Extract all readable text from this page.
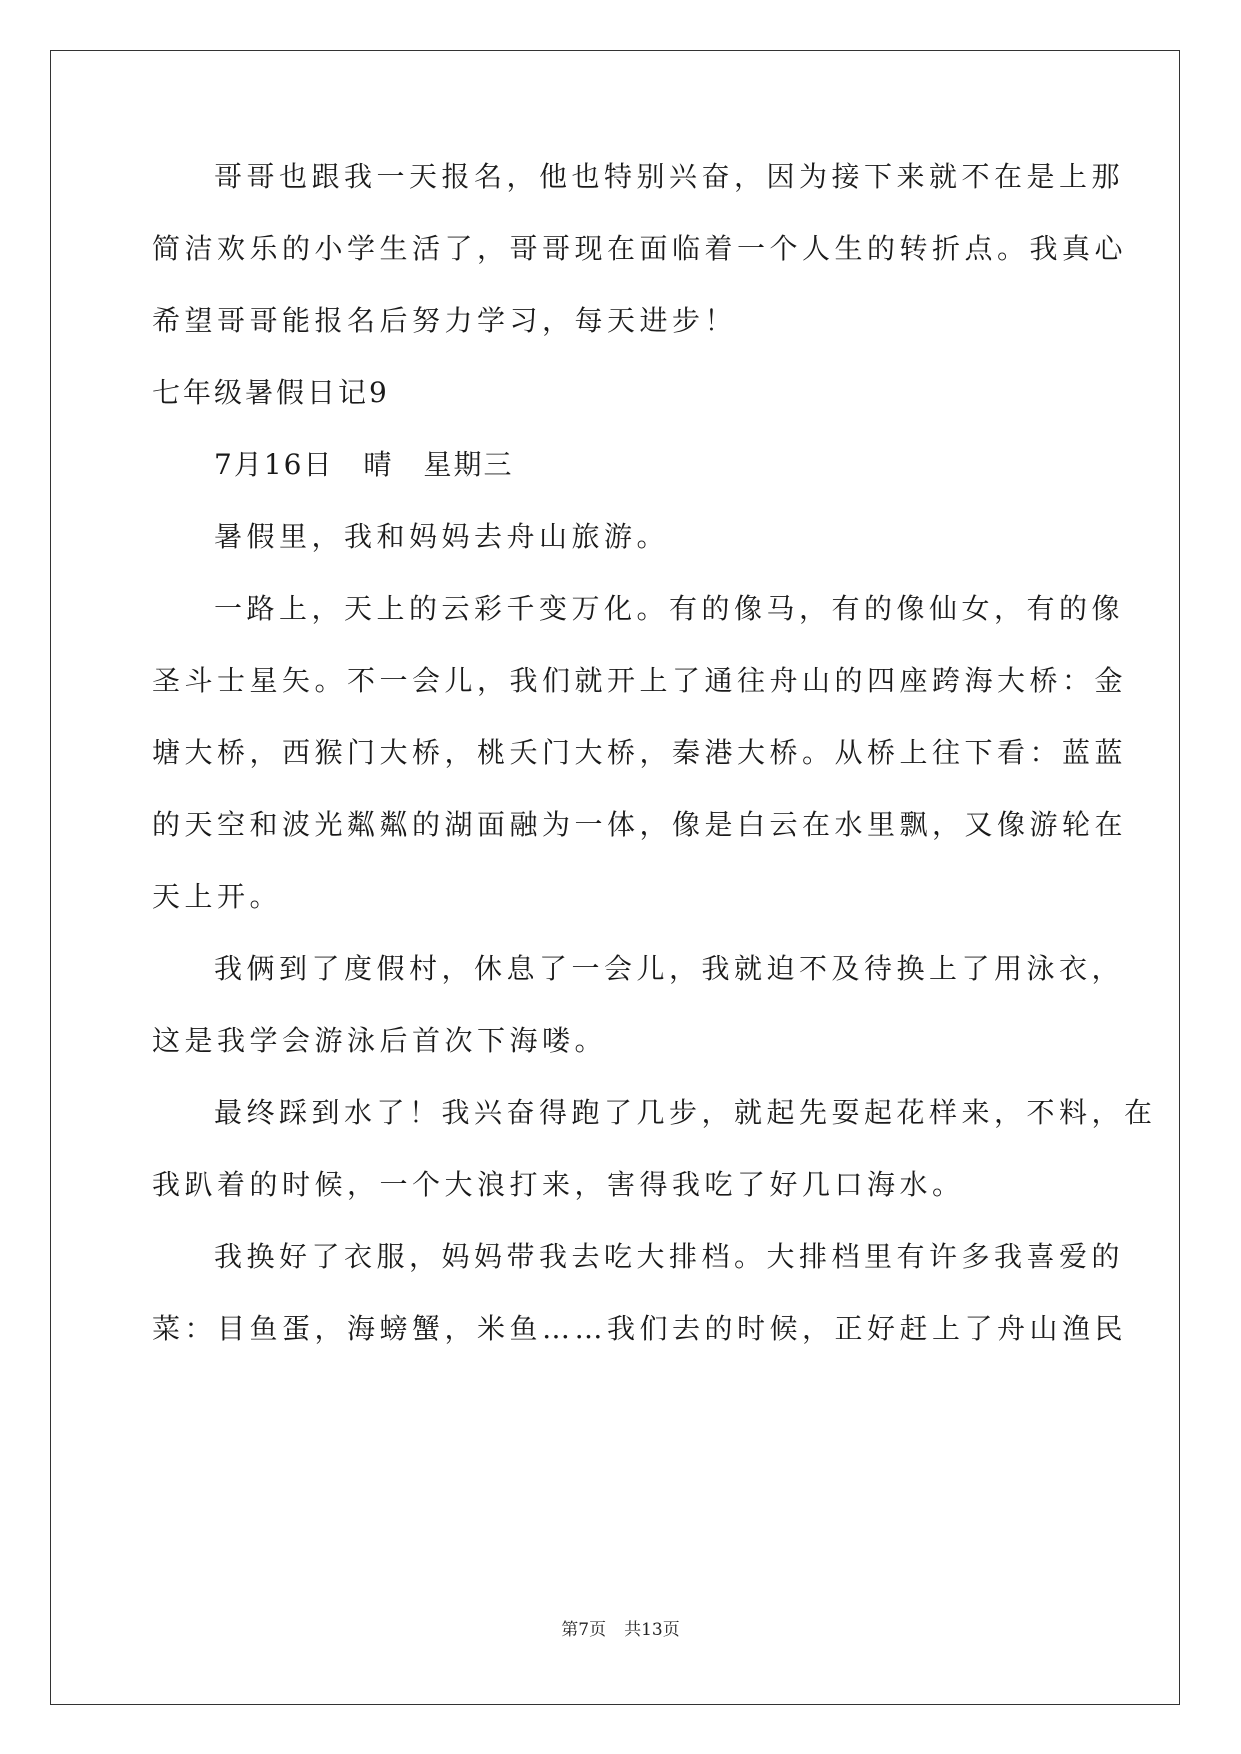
哥哥也跟我一天报名，他也特别兴奋，因为接下来就不在是上那
简洁欢乐的小学生活了，哥哥现在面临着一个人生的转折点。我真心
希望哥哥能报名后努力学习，每天进步！
七年级暑假日记9
7月16日　晴　星期三
暑假里，我和妈妈去舟山旅游。
一路上，天上的云彩千变万化。有的像马，有的像仙女，有的像
圣斗士星矢。不一会儿，我们就开上了通往舟山的四座跨海大桥：金
塘大桥，西猴门大桥，桃夭门大桥，秦港大桥。从桥上往下看：蓝蓝
的天空和波光粼粼的湖面融为一体，像是白云在水里飘，又像游轮在
天上开。
我俩到了度假村，休息了一会儿，我就迫不及待换上了用泳衣，
这是我学会游泳后首次下海喽。
最终踩到水了！我兴奋得跑了几步，就起先耍起花样来，不料，在
我趴着的时候，一个大浪打来，害得我吃了好几口海水。
我换好了衣服，妈妈带我去吃大排档。大排档里有许多我喜爱的
菜：目鱼蛋，海螃蟹，米鱼……我们去的时候，正好赶上了舟山渔民
第7页 共13页
